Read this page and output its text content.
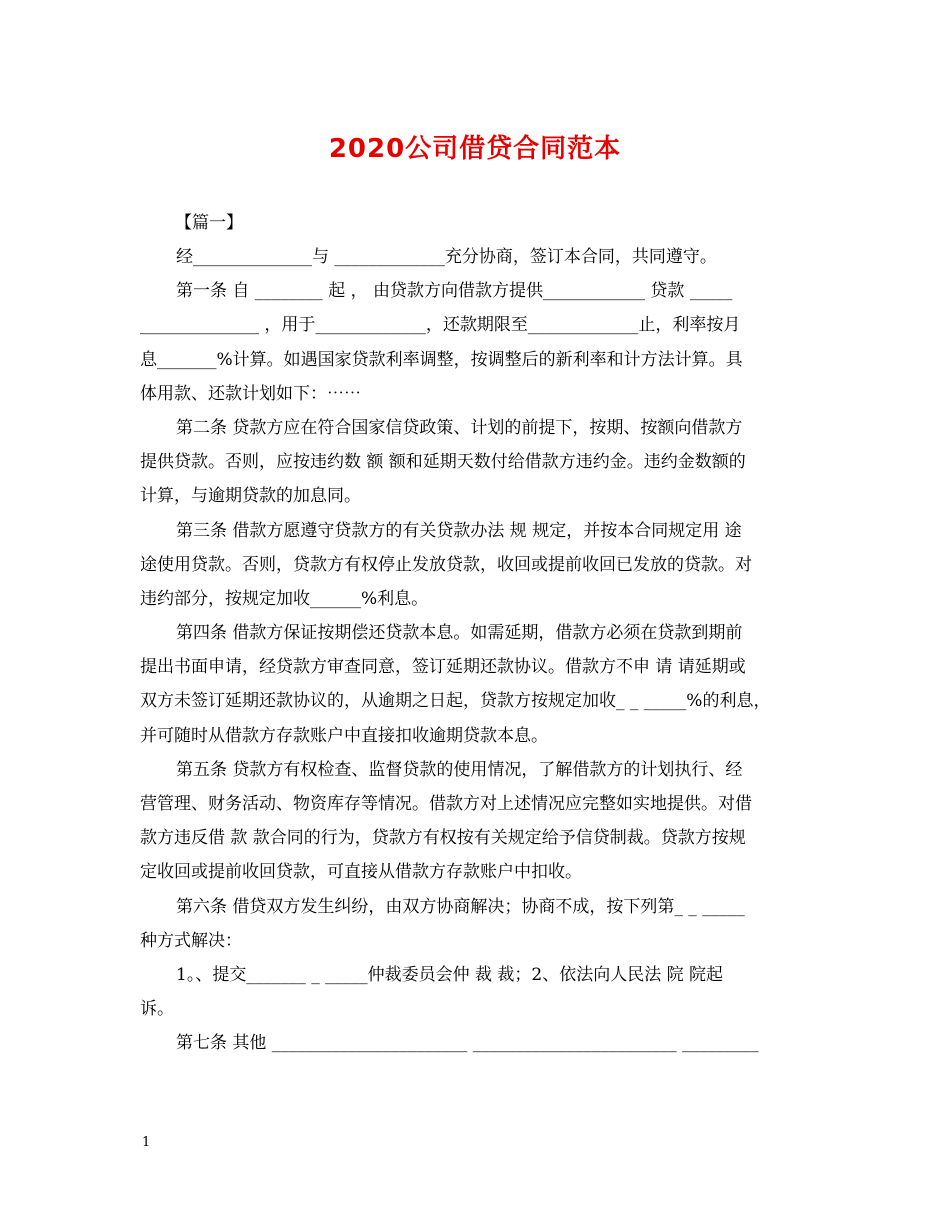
2020公司借贷合同范本
【篇一】
经______________与 _____________充分协商，签订本合同，共同遵守。
第一条 自 ________ 起 ， 由贷款方向借款方提供____________ 贷款 _____
______________ ，用于_____________，还款期限至_____________止，利率按月
息_______%计算。如遇国家贷款利率调整，按调整后的新利率和计方法计算。具
体用款、还款计划如下：⋯⋯
第二条 贷款方应在符合国家信贷政策、计划的前提下，按期、按额向借款方
提供贷款。否则，应按违约数 额 额和延期天数付给借款方违约金。违约金数额的
计算，与逾期贷款的加息同。
第三条 借款方愿遵守贷款方的有关贷款办法 规 规定，并按本合同规定用 途
途使用贷款。否则，贷款方有权停止发放贷款，收回或提前收回已发放的贷款。对
违约部分，按规定加收______%利息。
第四条 借款方保证按期偿还贷款本息。如需延期，借款方必须在贷款到期前
提出书面申请，经贷款方审查同意，签订延期还款协议。借款方不申 请 请延期或
双方未签订延期还款协议的，从逾期之日起，贷款方按规定加收_ _ _____%的利息，
并可随时从借款方存款账户中直接扣收逾期贷款本息。
第五条 贷款方有权检查、监督贷款的使用情况，了解借款方的计划执行、经
营管理、财务活动、物资库存等情况。借款方对上述情况应完整如实地提供。对借
款方违反借 款 款合同的行为，贷款方有权按有关规定给予信贷制裁。贷款方按规
定收回或提前收回贷款，可直接从借款方存款账户中扣收。
第六条 借贷双方发生纠纷，由双方协商解决；协商不成，按下列第_ _ _____
种方式解决：
1。、提交_______ _ _____仲裁委员会仲 裁 裁；2、依法向人民法 院 院起
诉。
第七条 其他 _______________________ ________________________ _________
1
